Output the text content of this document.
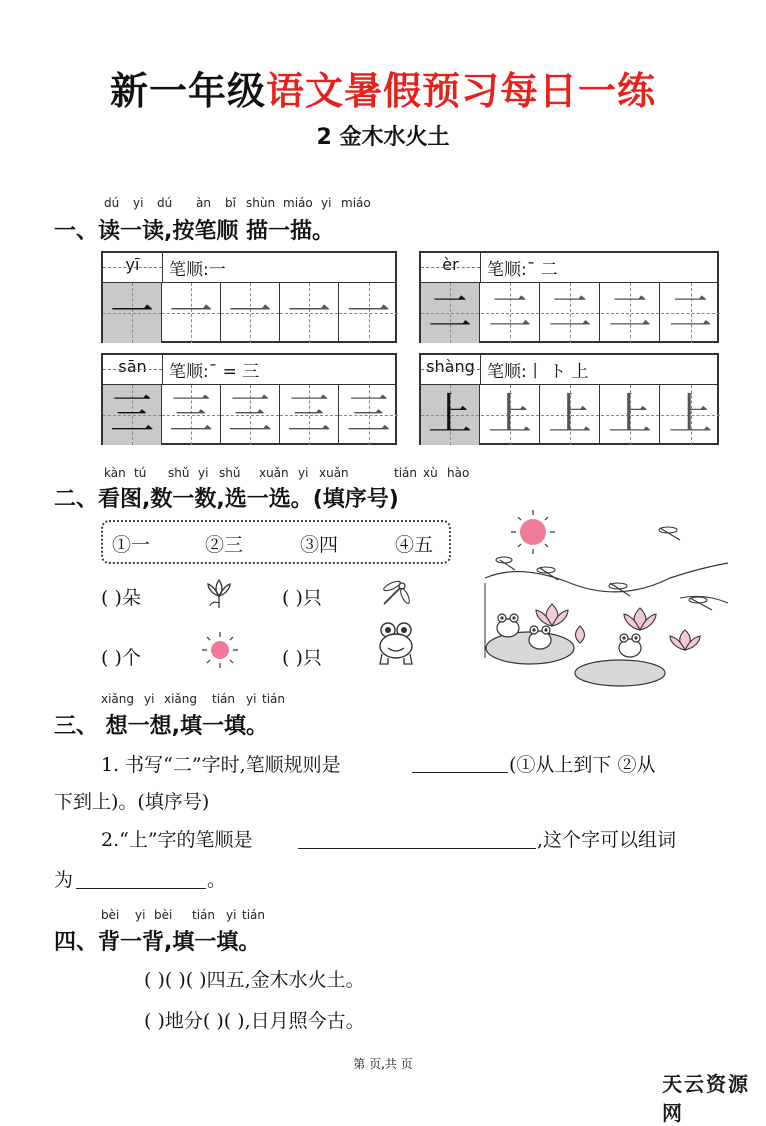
新一年级语文暑假预习每日一练
2 金木水火土
dú yi dú àn bǐ shùn miáo yi miáo
一、读一读,按笔顺 描一描。
yī	笔顺:一
一 一 一 一 一
èr	笔顺:¯ 二
二 二 二 二 二
sān	笔顺:¯ = 三
三 三 三 三 三
shàng 笔顺:丨 ト 上
上 上 上 上 上
kàn tú shǔ yi shǔ xuǎn yi xuǎn	tián xù hào
二、看图,数一数,选一选。(填序号)
①一	②三	③四	④五
( )朵	( )只
( )个	( )只
xiǎng yi xiǎng tián yi tián
三、 想一想,填一填。
1. 书写“二”字时,笔顺规则是	(①从上到下 ②从
下到上)。(填序号)
2.“上”字的笔顺是	,这个字可以组词
为	。
bèi yi bèi tián yi tián
四、背一背,填一填。
( )( )( )四五,金木水火土。
( )地分( )( ),日月照今古。
第 页,共 页
天云资源网
